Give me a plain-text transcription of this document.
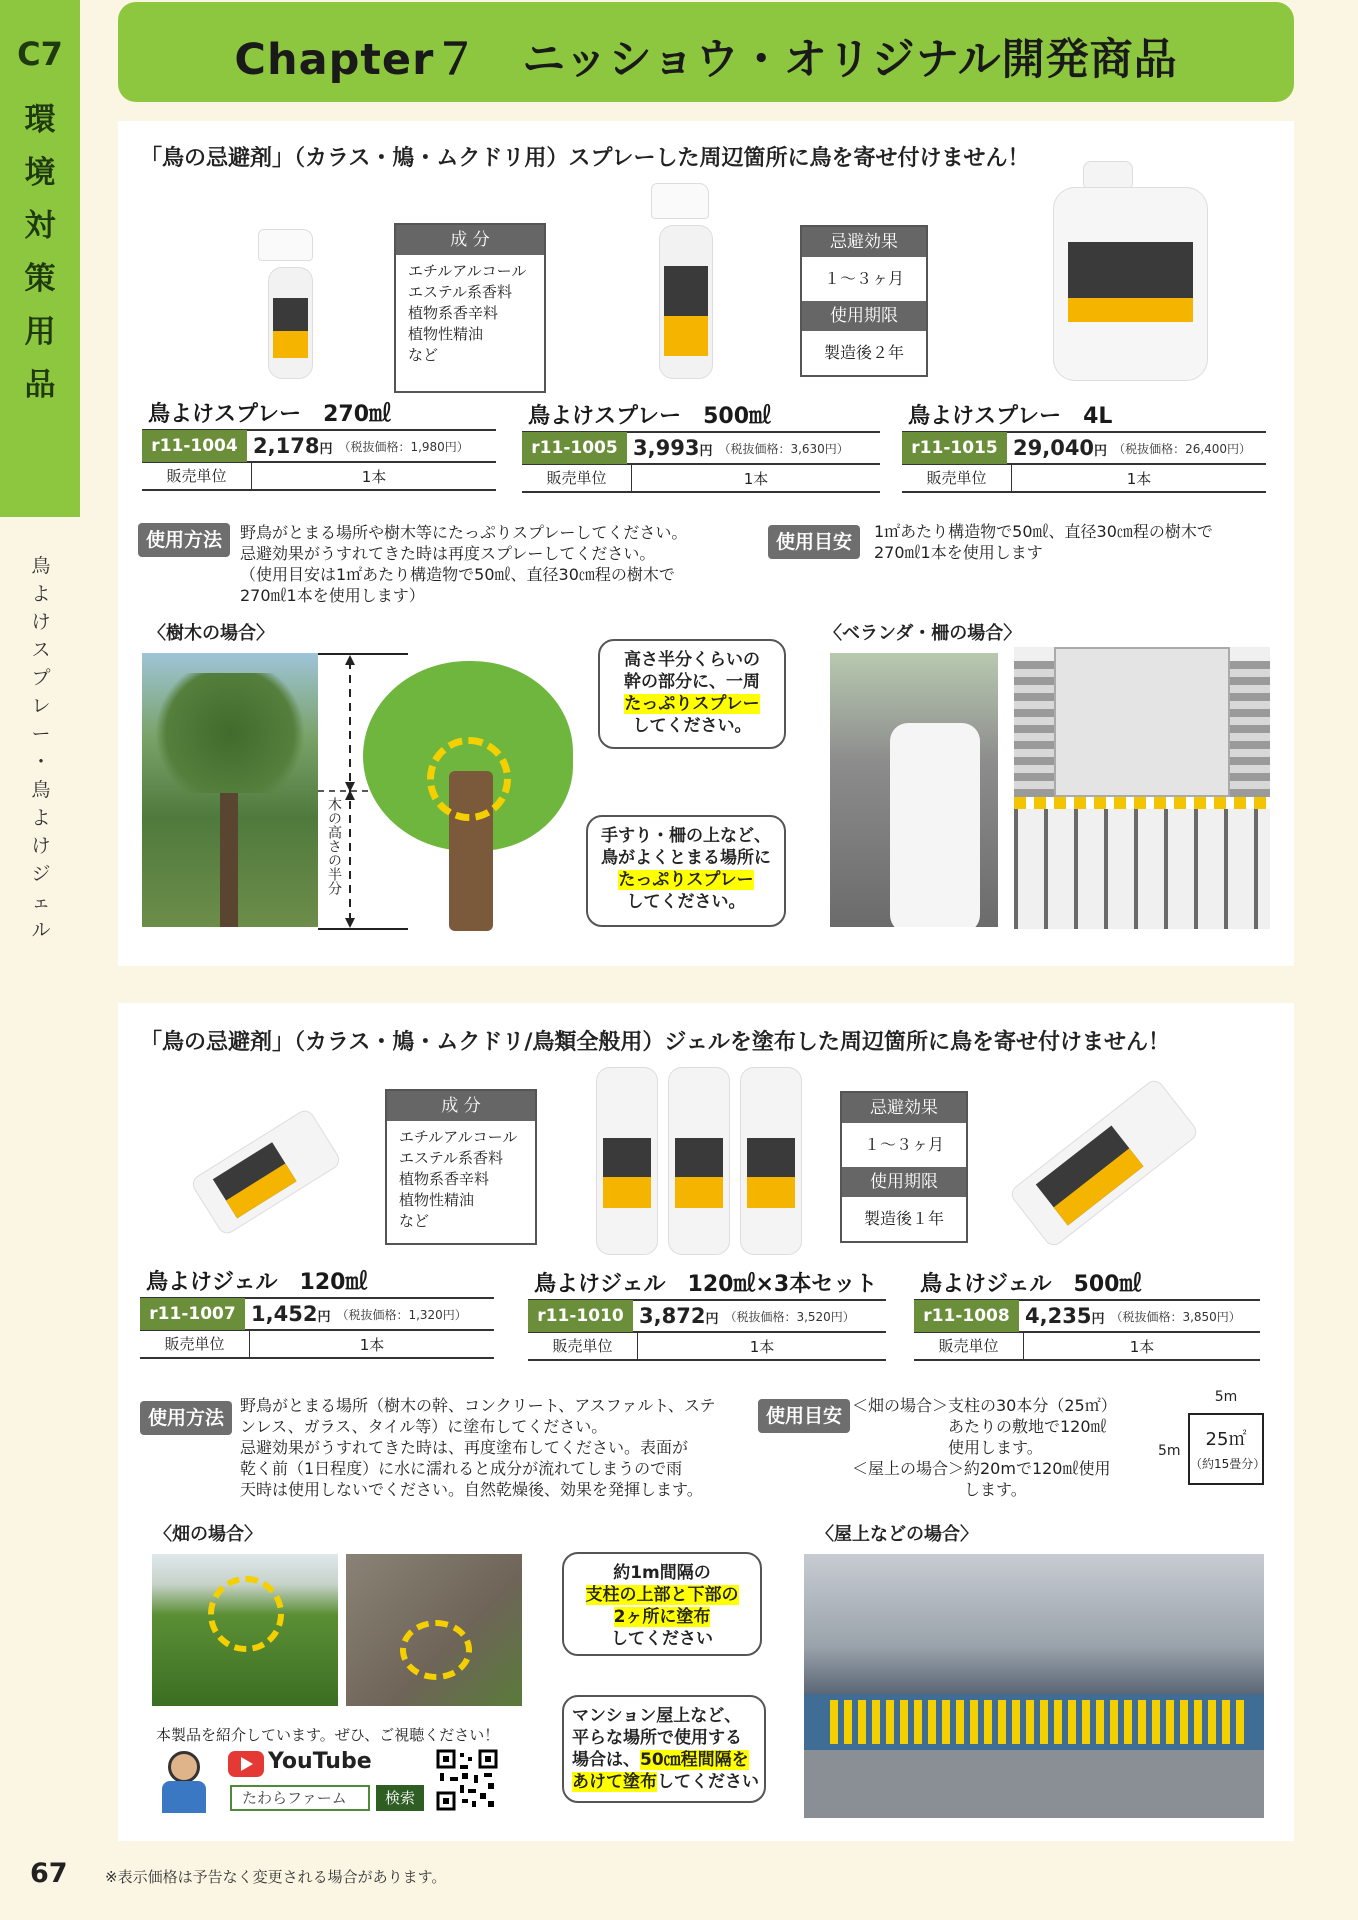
C7
環
境
対
策
用
品
鳥
よ
け
ス
プ
レ
ー
・
鳥
よ
け
ジ
ェ
ル
Chapter７　ニッショウ・オリジナル開発商品
「鳥の忌避剤」（カラス・鳩・ムクドリ用）スプレーした周辺箇所に鳥を寄せ付けません！
成 分
エチルアルコール
エステル系香料
植物系香辛料
植物性精油
など
忌避効果
１～３ヶ月
使用期限
製造後２年
鳥よけスプレー　270㎖
r11-1004 2,178円 （税抜価格：1,980円）
販売単位	1本
鳥よけスプレー　500㎖
r11-1005 3,993円 （税抜価格：3,630円）
販売単位	1本
鳥よけスプレー　4L
r11-1015 29,040円 （税抜価格：26,400円）
販売単位	1本
使用方法	野鳥がとまる場所や樹木等にたっぷりスプレーしてください。
忌避効果がうすれてきた時は再度スプレーしてください。
（使用目安は1㎡あたり構造物で50㎖、直径30㎝程の樹木で
270㎖1本を使用します）
使用目安	1㎡あたり構造物で50㎖、直径30㎝程の樹木で
270㎖1本を使用します
〈樹木の場合〉	〈ベランダ・柵の場合〉
木の高さの半分
高さ半分くらいの
幹の部分に、一周
たっぷりスプレー
してください。
手すり・柵の上など、
鳥がよくとまる場所に
たっぷりスプレー
してください。
「鳥の忌避剤」（カラス・鳩・ムクドリ/鳥類全般用）ジェルを塗布した周辺箇所に鳥を寄せ付けません！
成 分
エチルアルコール
エステル系香料
植物系香辛料
植物性精油
など
忌避効果
１～３ヶ月
使用期限
製造後１年
鳥よけジェル　120㎖
r11-1007 1,452円 （税抜価格：1,320円）
販売単位	1本
鳥よけジェル　120㎖×3本セット
r11-1010 3,872円 （税抜価格：3,520円）
販売単位	1本
鳥よけジェル　500㎖
r11-1008 4,235円 （税抜価格：3,850円）
販売単位	1本
使用方法
野鳥がとまる場所（樹木の幹、コンクリート、アスファルト、ステ
ンレス、ガラス、タイル等）に塗布してください。
忌避効果がうすれてきた時は、再度塗布してください。表面が
乾く前（1日程度）に水に濡れると成分が流れてしまうので雨
天時は使用しないでください。自然乾燥後、効果を発揮します。
使用目安 ＜畑の場合＞支柱の30本分（25㎡）
　　　　　　あたりの敷地で120㎖
　　　　　　使用します。
＜屋上の場合＞約20mで120㎖使用
　　　　　　　します。
5m
5m
25㎡
（約15畳分）
〈畑の場合〉	〈屋上などの場合〉
約1m間隔の
支柱の上部と下部の
2ヶ所に塗布
してください
マンション屋上など、
平らな場所で使用する
場合は、50㎝程間隔を
あけて塗布してください
本製品を紹介しています。ぜひ、ご視聴ください！
YouTube
たわらファーム	検索
67 ※表示価格は予告なく変更される場合があります。
